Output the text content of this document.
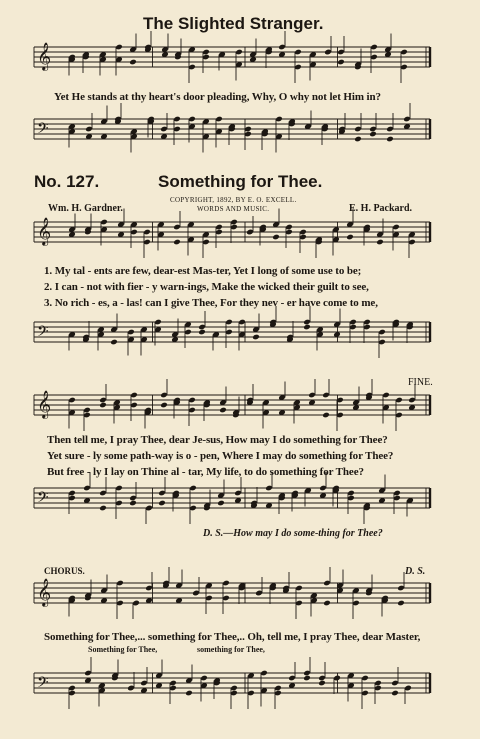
𝄞
𝄢
𝄞
𝄢
𝄞
𝄢
𝄞
𝄢
The Slighted Stranger.
Yet He stands at thy heart's door pleading, Why, O why not let Him in?
No. 127.	Something for Thee.
COPYRIGHT, 1892, BY E. O. EXCELL.
WORDS AND MUSIC.
Wm. H. Gardner.	E. H. Packard.
1. My tal - ents are few, dear-est Mas-ter, Yet I long of some use to be;
2. I can - not with fier - y warn-ings, Make the wicked their guilt to see,
3. No rich - es, a - las! can I give Thee, For they nev - er have come to me,
FINE.
Then tell me, I pray Thee, dear Je-sus, How may I do something for Thee?
Yet sure - ly some path-way is o - pen, Where I may do something for Thee?
But free - ly I lay on Thine al - tar, My life, to do something for Thee?
D. S.—How may I do some-thing for Thee?
CHORUS.	D. S.
Something for Thee,... something for Thee,.. Oh, tell me, I pray Thee, dear Master,
Something for Thee,	something for Thee,
